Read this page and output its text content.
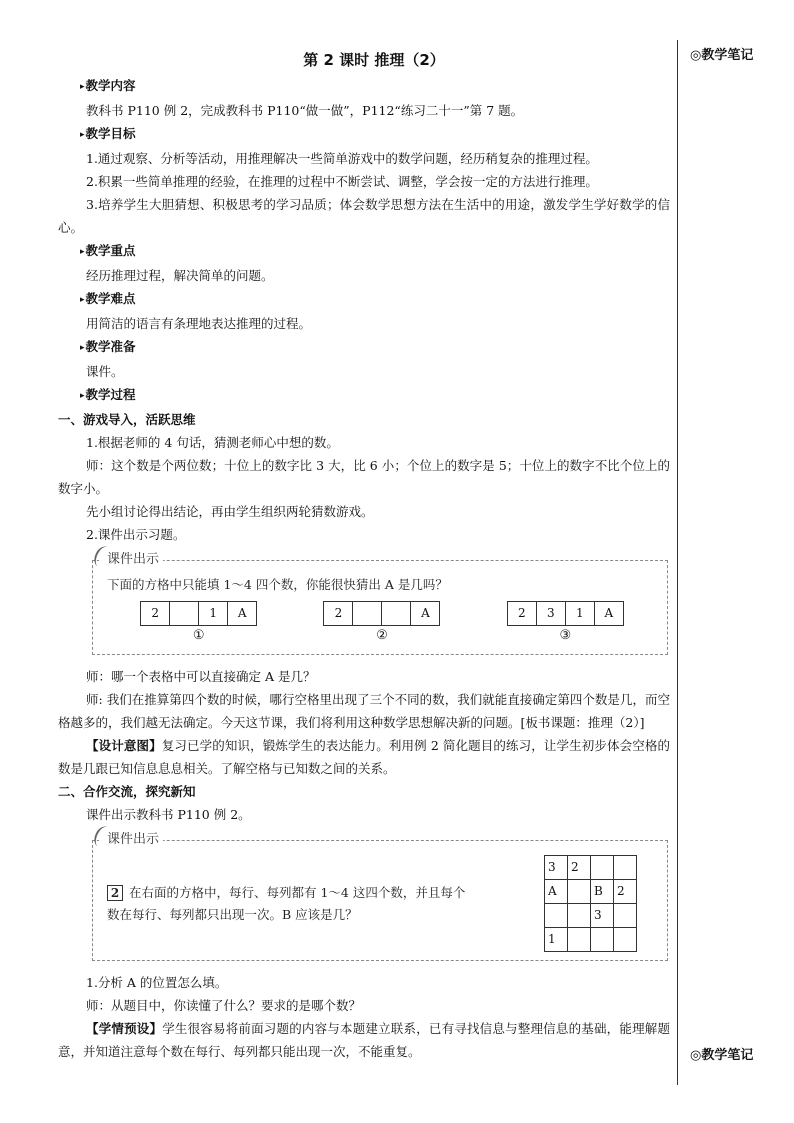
◎教学笔记
◎教学笔记
第 2 课时 推理（2）
▸教学内容
教科书 P110 例 2，完成教科书 P110“做一做”，P112“练习二十一”第 7 题。
▸教学目标
1.通过观察、分析等活动，用推理解决一些简单游戏中的数学问题，经历稍复杂的推理过程。
2.积累一些简单推理的经验，在推理的过程中不断尝试、调整，学会按一定的方法进行推理。
3.培养学生大胆猜想、积极思考的学习品质；体会数学思想方法在生活中的用途，激发学生学好数学的信心。
▸教学重点
经历推理过程，解决简单的问题。
▸教学难点
用简洁的语言有条理地表达推理的过程。
▸教学准备
课件。
▸教学过程
一、游戏导入，活跃思维
1.根据老师的 4 句话，猜测老师心中想的数。
师：这个数是个两位数；十位上的数字比 3 大，比 6 小；个位上的数字是 5；十位上的数字不比个位上的数字小。
先小组讨论得出结论，再由学生组织两轮猜数游戏。
2.课件出示习题。
课件出示
下面的方格中只能填 1～4 四个数，你能很快猜出 A 是几吗？
2		1	A
①
2			A
②
2	3	1	A
③
师：哪一个表格中可以直接确定 A 是几？
师: 我们在推算第四个数的时候，哪行空格里出现了三个不同的数，我们就能直接确定第四个数是几，而空格越多的，我们越无法确定。今天这节课，我们将利用这种数学思想解决新的问题。[板书课题：推理（2）]
【设计意图】复习已学的知识，锻炼学生的表达能力。利用例 2 简化题目的练习，让学生初步体会空格的数是几跟已知信息息息相关。了解空格与已知数之间的关系。
二、合作交流，探究新知
课件出示教科书 P110 例 2。
课件出示
2 在右面的方格中，每行、每列都有 1～4 这四个数，并且每个数在每行、每列都只出现一次。B 应该是几？
3	2		
A		B	2
		3	
1			
1.分析 A 的位置怎么填。
师：从题目中，你读懂了什么？要求的是哪个数？
【学情预设】学生很容易将前面习题的内容与本题建立联系，已有寻找信息与整理信息的基础，能理解题意，并知道注意每个数在每行、每列都只能出现一次，不能重复。
